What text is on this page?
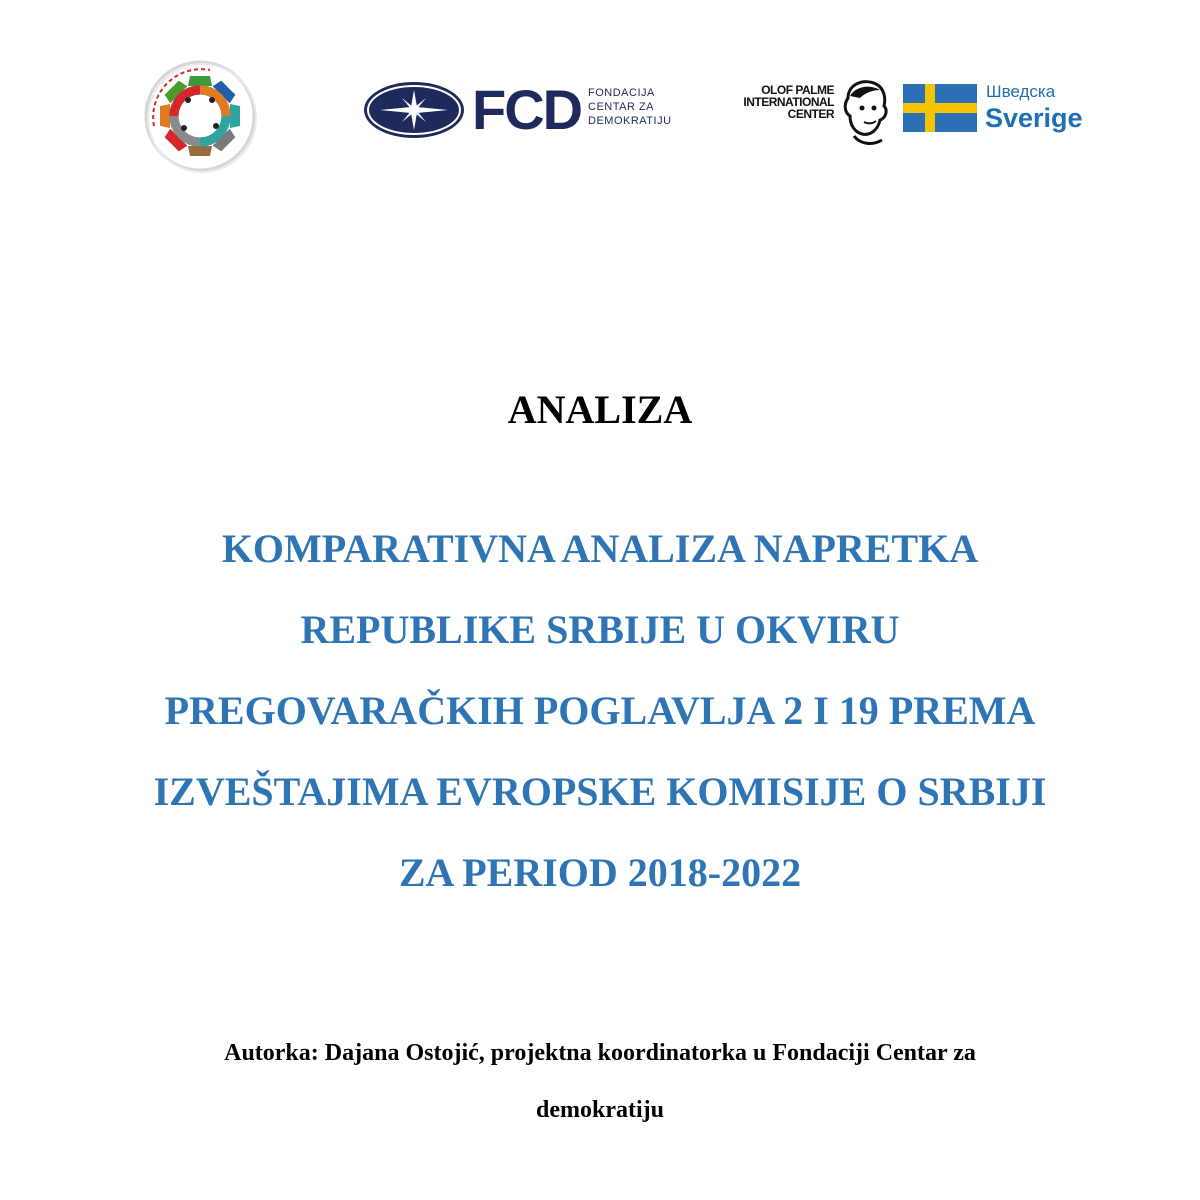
FCD FONDACIJA
CENTAR ZA
DEMOKRATIJU
OLOF PALME
INTERNATIONAL
CENTER
Шведска
Sverige
ANALIZA
KOMPARATIVNA ANALIZA NAPRETKA
REPUBLIKE SRBIJE U OKVIRU
PREGOVARAČKIH POGLAVLJA 2 I 19 PREMA
IZVEŠTAJIMA EVROPSKE KOMISIJE O SRBIJI
ZA PERIOD 2018-2022
Autorka: Dajana Ostojić, projektna koordinatorka u Fondaciji Centar za
demokratiju
